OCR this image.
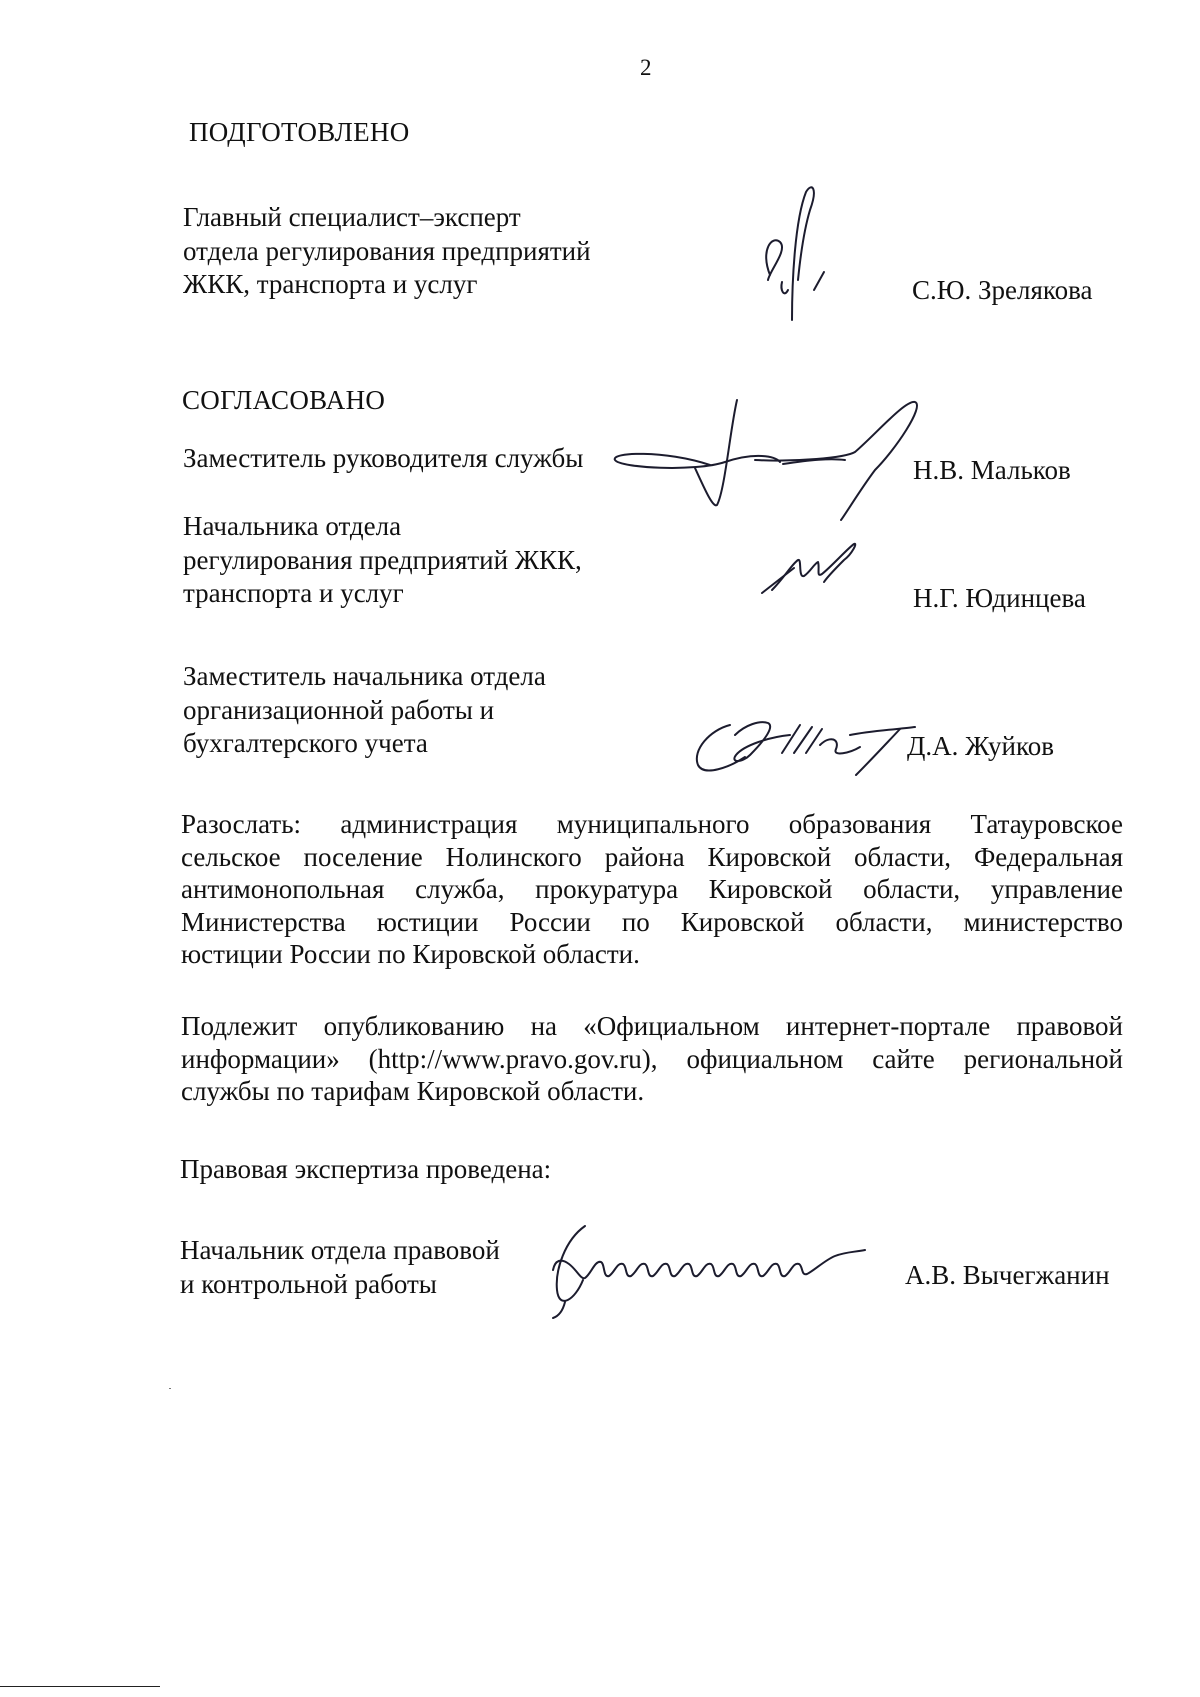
2
ПОДГОТОВЛЕНО
Главный специалист–эксперт
отдела регулирования предприятий
ЖКК, транспорта и услуг	С.Ю. Зрелякова
СОГЛАСОВАНО
Заместитель руководителя службы	Н.В. Мальков
Начальника отдела
регулирования предприятий ЖКК,
транспорта и услуг	Н.Г. Юдинцева
Заместитель начальника отдела
организационной работы и
бухгалтерского учета	Д.А. Жуйков
Разослать: администрация муниципального образования Татауровское
сельское поселение Нолинского района Кировской области, Федеральная
антимонопольная служба, прокуратура Кировской области, управление
Министерства юстиции России по Кировской области, министерство
юстиции России по Кировской области.
Подлежит опубликованию на «Официальном интернет-портале правовой
информации» (http://www.pravo.gov.ru), официальном сайте региональной
службы по тарифам Кировской области.
Правовая экспертиза проведена:
Начальник отдела правовой
и контрольной работы	А.В. Вычегжанин
